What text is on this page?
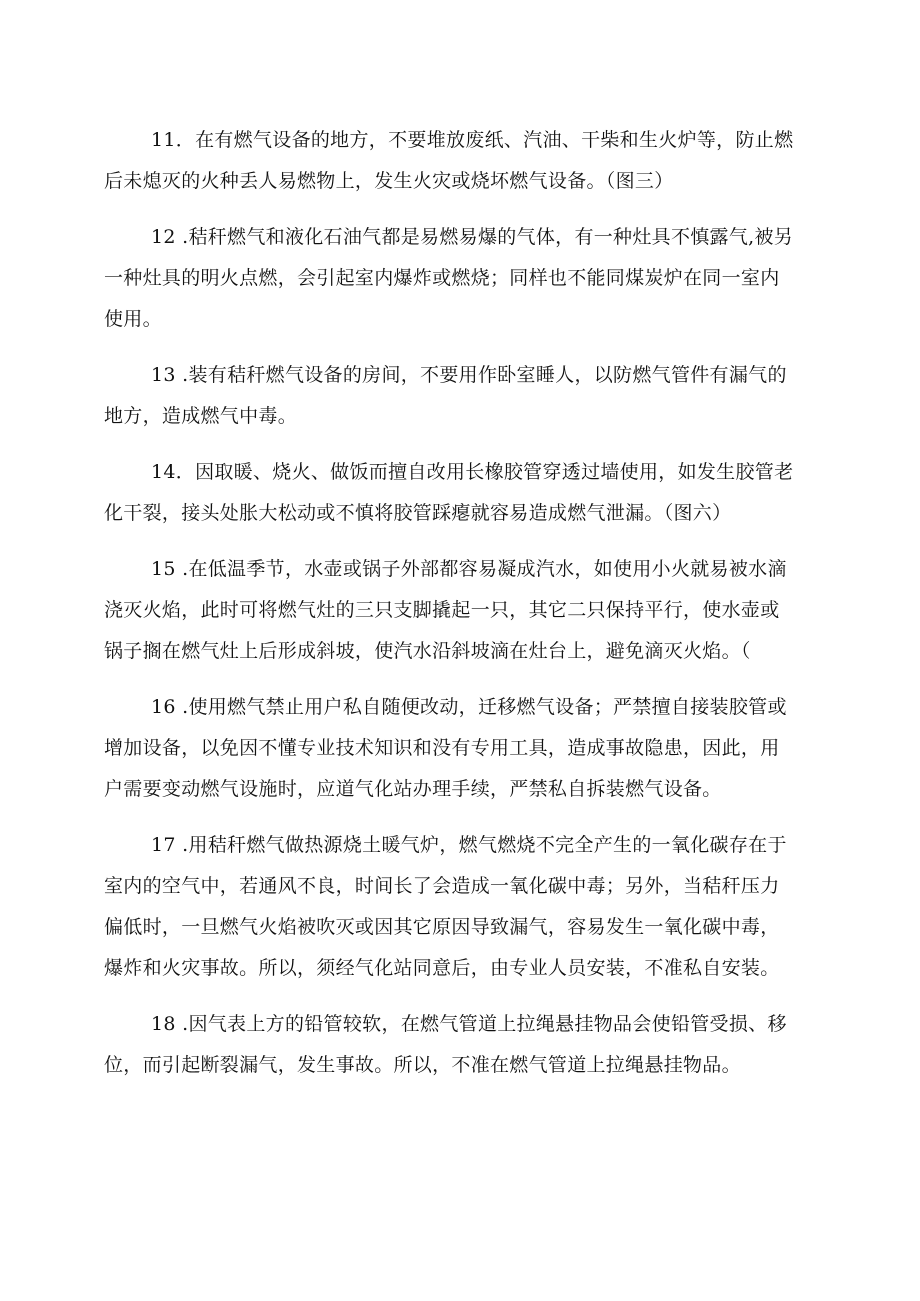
11．在有燃气设备的地方，不要堆放废纸、汽油、干柴和生火炉等，防止燃
后未熄灭的火种丢人易燃物上，发生火灾或烧坏燃气设备。（图三）

12 .秸秆燃气和液化石油气都是易燃易爆的气体，有一种灶具不慎露气,被另
一种灶具的明火点燃，会引起室内爆炸或燃烧；同样也不能同煤炭炉在同一室内
使用。

13 .装有秸秆燃气设备的房间，不要用作卧室睡人，以防燃气管件有漏气的
地方，造成燃气中毒。

14．因取暖、烧火、做饭而擅自改用长橡胶管穿透过墙使用，如发生胶管老
化干裂，接头处胀大松动或不慎将胶管踩瘪就容易造成燃气泄漏。（图六）

15 .在低温季节，水壶或锅子外部都容易凝成汽水，如使用小火就易被水滴
浇灭火焰，此时可将燃气灶的三只支脚撬起一只，其它二只保持平行，使水壶或
锅子搁在燃气灶上后形成斜坡，使汽水沿斜坡滴在灶台上，避免滴灭火焰。（

16 .使用燃气禁止用户私自随便改动，迁移燃气设备；严禁擅自接装胶管或
增加设备，以免因不懂专业技术知识和没有专用工具，造成事故隐患，因此，用
户需要变动燃气设施时，应道气化站办理手续，严禁私自拆装燃气设备。

17 .用秸秆燃气做热源烧土暖气炉，燃气燃烧不完全产生的一氧化碳存在于
室内的空气中，若通风不良，时间长了会造成一氧化碳中毒；另外，当秸秆压力
偏低时，一旦燃气火焰被吹灭或因其它原因导致漏气，容易发生一氧化碳中毒，
爆炸和火灾事故。所以，须经气化站同意后，由专业人员安装，不准私自安装。

18 .因气表上方的铅管较软，在燃气管道上拉绳悬挂物品会使铅管受损、移
位，而引起断裂漏气，发生事故。所以，不准在燃气管道上拉绳悬挂物品。
